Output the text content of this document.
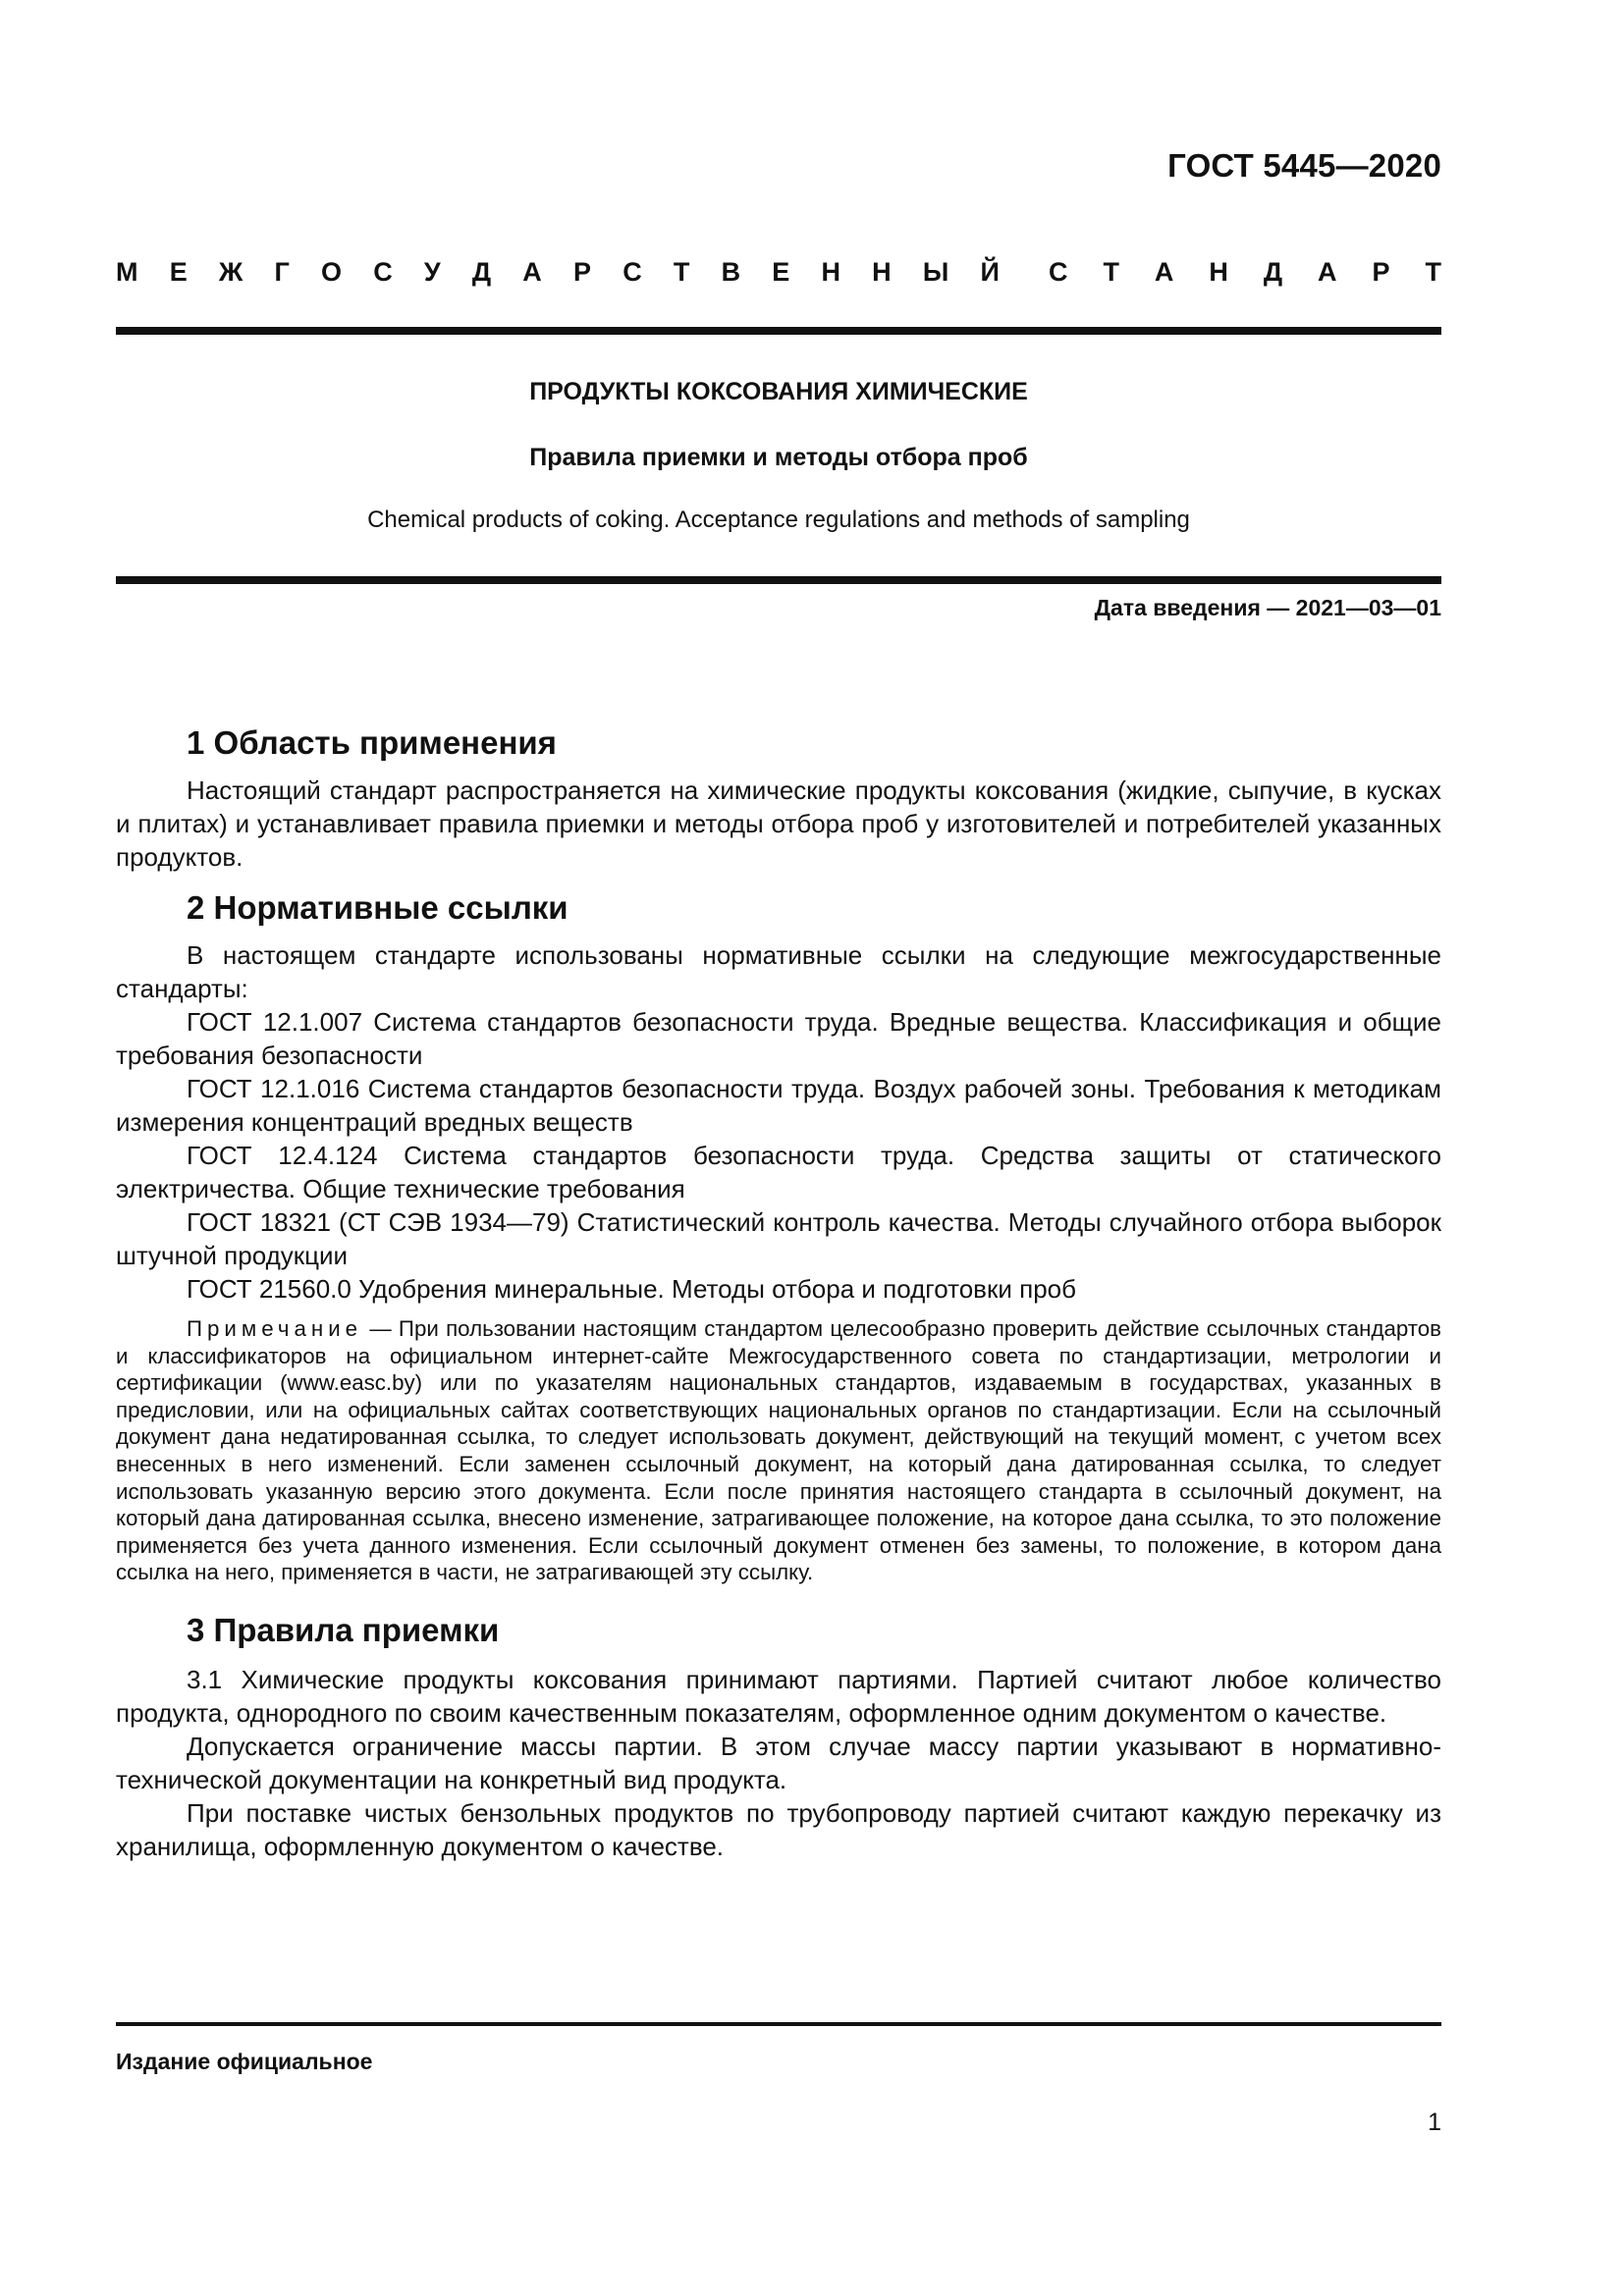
ГОСТ 5445—2020
М Е Ж Г О С У Д А Р С Т В Е Н Н Ы Й С Т А Н Д А Р Т
ПРОДУКТЫ КОКСОВАНИЯ ХИМИЧЕСКИЕ
Правила приемки и методы отбора проб
Chemical products of coking. Acceptance regulations and methods of sampling
Дата введения — 2021—03—01
1 Область применения

Настоящий стандарт распространяется на химические продукты коксования (жидкие, сыпучие, в кусках и плитах) и устанавливает правила приемки и методы отбора проб у изготовителей и потребителей указанных продуктов.

2 Нормативные ссылки

В настоящем стандарте использованы нормативные ссылки на следующие межгосударственные стандарты:

ГОСТ 12.1.007 Система стандартов безопасности труда. Вредные вещества. Классификация и общие требования безопасности

ГОСТ 12.1.016 Система стандартов безопасности труда. Воздух рабочей зоны. Требования к методикам измерения концентраций вредных веществ

ГОСТ 12.4.124 Система стандартов безопасности труда. Средства защиты от статического электричества. Общие технические требования

ГОСТ 18321 (СТ СЭВ 1934—79) Статистический контроль качества. Методы случайного отбора выборок штучной продукции

ГОСТ 21560.0 Удобрения минеральные. Методы отбора и подготовки проб

Примечание — При пользовании настоящим стандартом целесообразно проверить действие ссылочных стандартов и классификаторов на официальном интернет-сайте Межгосударственного совета по стандартизации, метрологии и сертификации (www.easc.by) или по указателям национальных стандартов, издаваемым в государствах, указанных в предисловии, или на официальных сайтах соответствующих национальных органов по стандартизации. Если на ссылочный документ дана недатированная ссылка, то следует использовать документ, действующий на текущий момент, с учетом всех внесенных в него изменений. Если заменен ссылочный документ, на который дана датированная ссылка, то следует использовать указанную версию этого документа. Если после принятия настоящего стандарта в ссылочный документ, на который дана датированная ссылка, внесено изменение, затрагивающее положение, на которое дана ссылка, то это положение применяется без учета данного изменения. Если ссылочный документ отменен без замены, то положение, в котором дана ссылка на него, применяется в части, не затрагивающей эту ссылку.

3 Правила приемки

3.1 Химические продукты коксования принимают партиями. Партией считают любое количество продукта, однородного по своим качественным показателям, оформленное одним документом о качестве.

Допускается ограничение массы партии. В этом случае массу партии указывают в нормативно-технической документации на конкретный вид продукта.

При поставке чистых бензольных продуктов по трубопроводу партией считают каждую перекачку из хранилища, оформленную документом о качестве.

Издание официальное
1
